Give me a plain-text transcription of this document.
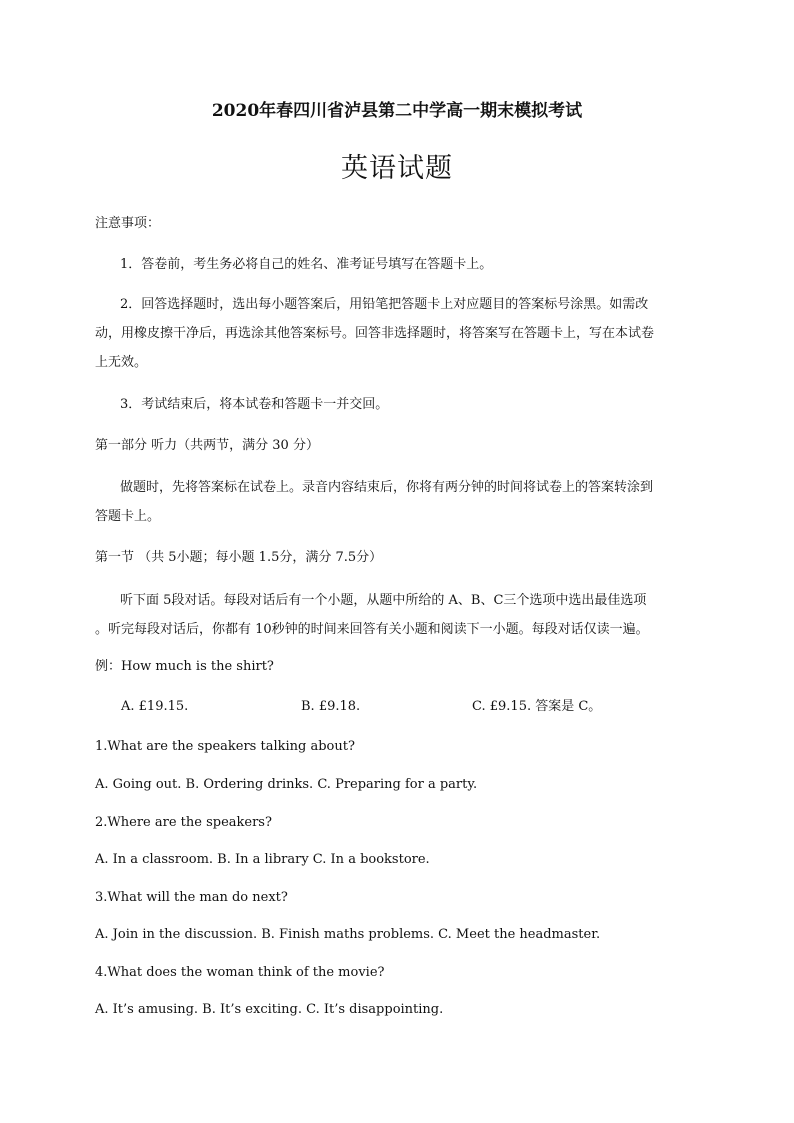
2020年春四川省泸县第二中学高一期末模拟考试
英语试题
注意事项：
1．答卷前，考生务必将自己的姓名、准考证号填写在答题卡上。
2．回答选择题时，选出每小题答案后，用铅笔把答题卡上对应题目的答案标号涂黑。如需改
动，用橡皮擦干净后，再选涂其他答案标号。回答非选择题时，将答案写在答题卡上，写在本试卷
上无效。
3．考试结束后，将本试卷和答题卡一并交回。
第一部分 听力（共两节，满分 30 分）
做题时，先将答案标在试卷上。录音内容结束后，你将有两分钟的时间将试卷上的答案转涂到
答题卡上。
第一节 （共 5小题；每小题 1.5分，满分 7.5分）
听下面 5段对话。每段对话后有一个小题，从题中所给的 A、B、C三个选项中选出最佳选项
。听完每段对话后，你都有 10秒钟的时间来回答有关小题和阅读下一小题。每段对话仅读一遍。
例：How much is the shirt?
A. £19.15.	B. £9.18.	C. £9.15. 答案是 C。
1.What are the speakers talking about?
A. Going out. B. Ordering drinks. C. Preparing for a party.
2.Where are the speakers?
A. In a classroom. B. In a library C. In a bookstore.
3.What will the man do next?
A. Join in the discussion. B. Finish maths problems. C. Meet the headmaster.
4.What does the woman think of the movie?
A. It’s amusing. B. It’s exciting. C. It’s disappointing.
